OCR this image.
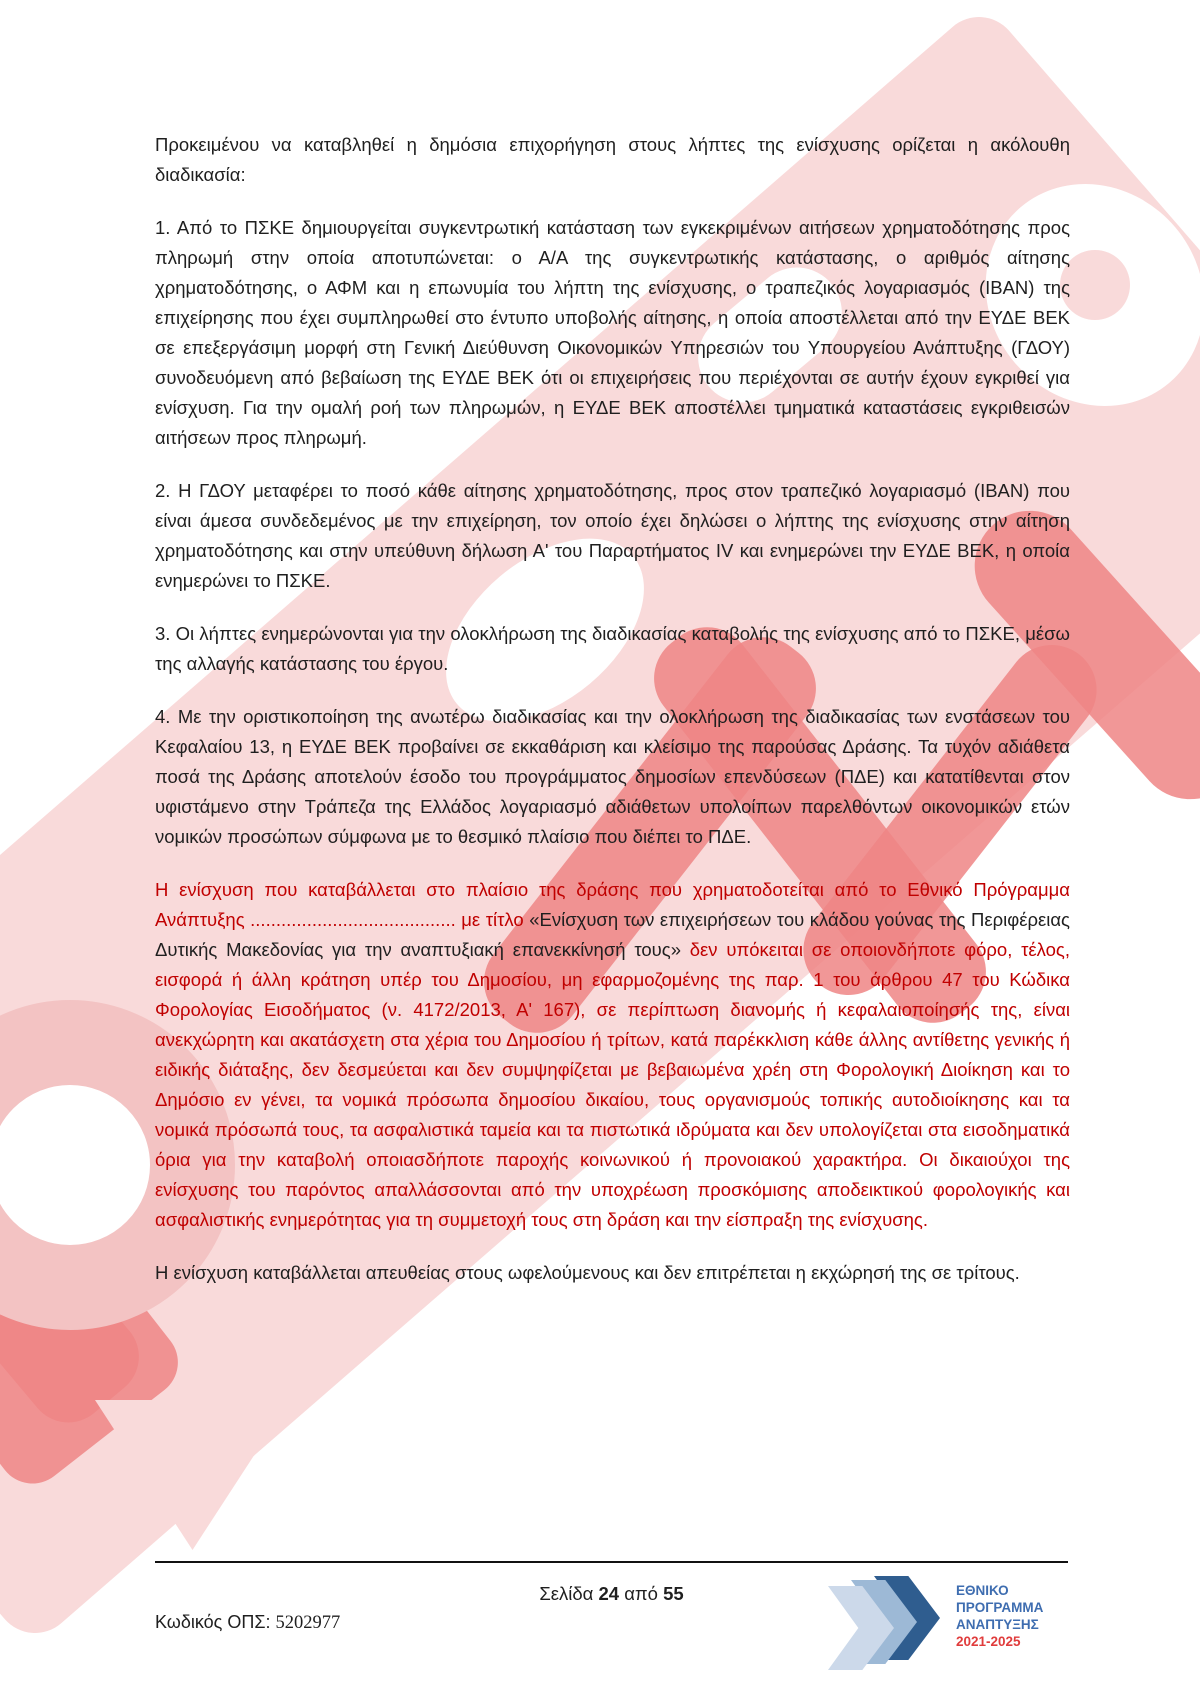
Προκειμένου να καταβληθεί η δημόσια επιχορήγηση στους λήπτες της ενίσχυσης ορίζεται η ακόλουθη διαδικασία:

1. Από το ΠΣΚΕ δημιουργείται συγκεντρωτική κατάσταση των εγκεκριμένων αιτήσεων χρηματοδότησης προς πληρωμή στην οποία αποτυπώνεται: ο Α/Α της συγκεντρωτικής κατάστασης, ο αριθμός αίτησης χρηματοδότησης, ο ΑΦΜ και η επωνυμία του λήπτη της ενίσχυσης, ο τραπεζικός λογαριασμός (ΙΒΑΝ) της επιχείρησης που έχει συμπληρωθεί στο έντυπο υποβολής αίτησης, η οποία αποστέλλεται από την ΕΥΔΕ ΒΕΚ σε επεξεργάσιμη μορφή στη Γενική Διεύθυνση Οικονομικών Υπηρεσιών του Υπουργείου Ανάπτυξης (ΓΔΟΥ) συνοδευόμενη από βεβαίωση της ΕΥΔΕ ΒΕΚ ότι οι επιχειρήσεις που περιέχονται σε αυτήν έχουν εγκριθεί για ενίσχυση. Για την ομαλή ροή των πληρωμών, η ΕΥΔΕ ΒΕΚ αποστέλλει τμηματικά καταστάσεις εγκριθεισών αιτήσεων προς πληρωμή.

2. Η ΓΔΟΥ μεταφέρει το ποσό κάθε αίτησης χρηματοδότησης, προς στον τραπεζικό λογαριασμό (ΙΒΑΝ) που είναι άμεσα συνδεδεμένος με την επιχείρηση, τον οποίο έχει δηλώσει ο λήπτης της ενίσχυσης στην αίτηση χρηματοδότησης και στην υπεύθυνη δήλωση Α' του Παραρτήματος IV και ενημερώνει την ΕΥΔΕ ΒΕΚ, η οποία ενημερώνει το ΠΣΚΕ.

3. Οι λήπτες ενημερώνονται για την ολοκλήρωση της διαδικασίας καταβολής της ενίσχυσης από το ΠΣΚΕ, μέσω της αλλαγής κατάστασης του έργου.

4. Με την οριστικοποίηση της ανωτέρω διαδικασίας και την ολοκλήρωση της διαδικασίας των ενστάσεων του Κεφαλαίου 13, η ΕΥΔΕ ΒΕΚ προβαίνει σε εκκαθάριση και κλείσιμο της παρούσας Δράσης. Τα τυχόν αδιάθετα ποσά της Δράσης αποτελούν έσοδο του προγράμματος δημοσίων επενδύσεων (ΠΔΕ) και κατατίθενται στον υφιστάμενο στην Τράπεζα της Ελλάδος λογαριασμό αδιάθετων υπολοίπων παρελθόντων οικονομικών ετών νομικών προσώπων σύμφωνα με το θεσμικό πλαίσιο που διέπει το ΠΔΕ.

Η ενίσχυση που καταβάλλεται στο πλαίσιο της δράσης που χρηματοδοτείται από το Εθνικό Πρόγραμμα Ανάπτυξης ........................................ με τίτλο «Ενίσχυση των επιχειρήσεων του κλάδου γούνας της Περιφέρειας Δυτικής Μακεδονίας για την αναπτυξιακή επανεκκίνησή τους» δεν υπόκειται σε οποιονδήποτε φόρο, τέλος, εισφορά ή άλλη κράτηση υπέρ του Δημοσίου, μη εφαρμοζομένης της παρ. 1 του άρθρου 47 του Κώδικα Φορολογίας Εισοδήματος (ν. 4172/2013, Α' 167), σε περίπτωση διανομής ή κεφαλαιοποίησής της, είναι ανεκχώρητη και ακατάσχετη στα χέρια του Δημοσίου ή τρίτων, κατά παρέκκλιση κάθε άλλης αντίθετης γενικής ή ειδικής διάταξης, δεν δεσμεύεται και δεν συμψηφίζεται με βεβαιωμένα χρέη στη Φορολογική Διοίκηση και το Δημόσιο εν γένει, τα νομικά πρόσωπα δημοσίου δικαίου, τους οργανισμούς τοπικής αυτοδιοίκησης και τα νομικά πρόσωπά τους, τα ασφαλιστικά ταμεία και τα πιστωτικά ιδρύματα και δεν υπολογίζεται στα εισοδηματικά όρια για την καταβολή οποιασδήποτε παροχής κοινωνικού ή προνοιακού χαρακτήρα. Οι δικαιούχοι της ενίσχυσης του παρόντος απαλλάσσονται από την υποχρέωση προσκόμισης αποδεικτικού φορολογικής και ασφαλιστικής ενημερότητας για τη συμμετοχή τους στη δράση και την είσπραξη της ενίσχυσης.

Η ενίσχυση καταβάλλεται απευθείας στους ωφελούμενους και δεν επιτρέπεται η εκχώρησή της σε τρίτους.

Σελίδα 24 από 55
Κωδικός ΟΠΣ: 5202977
ΕΘΝΙΚΟ
ΠΡΟΓΡΑΜΜΑ
ΑΝΑΠΤΥΞΗΣ
2021-2025
